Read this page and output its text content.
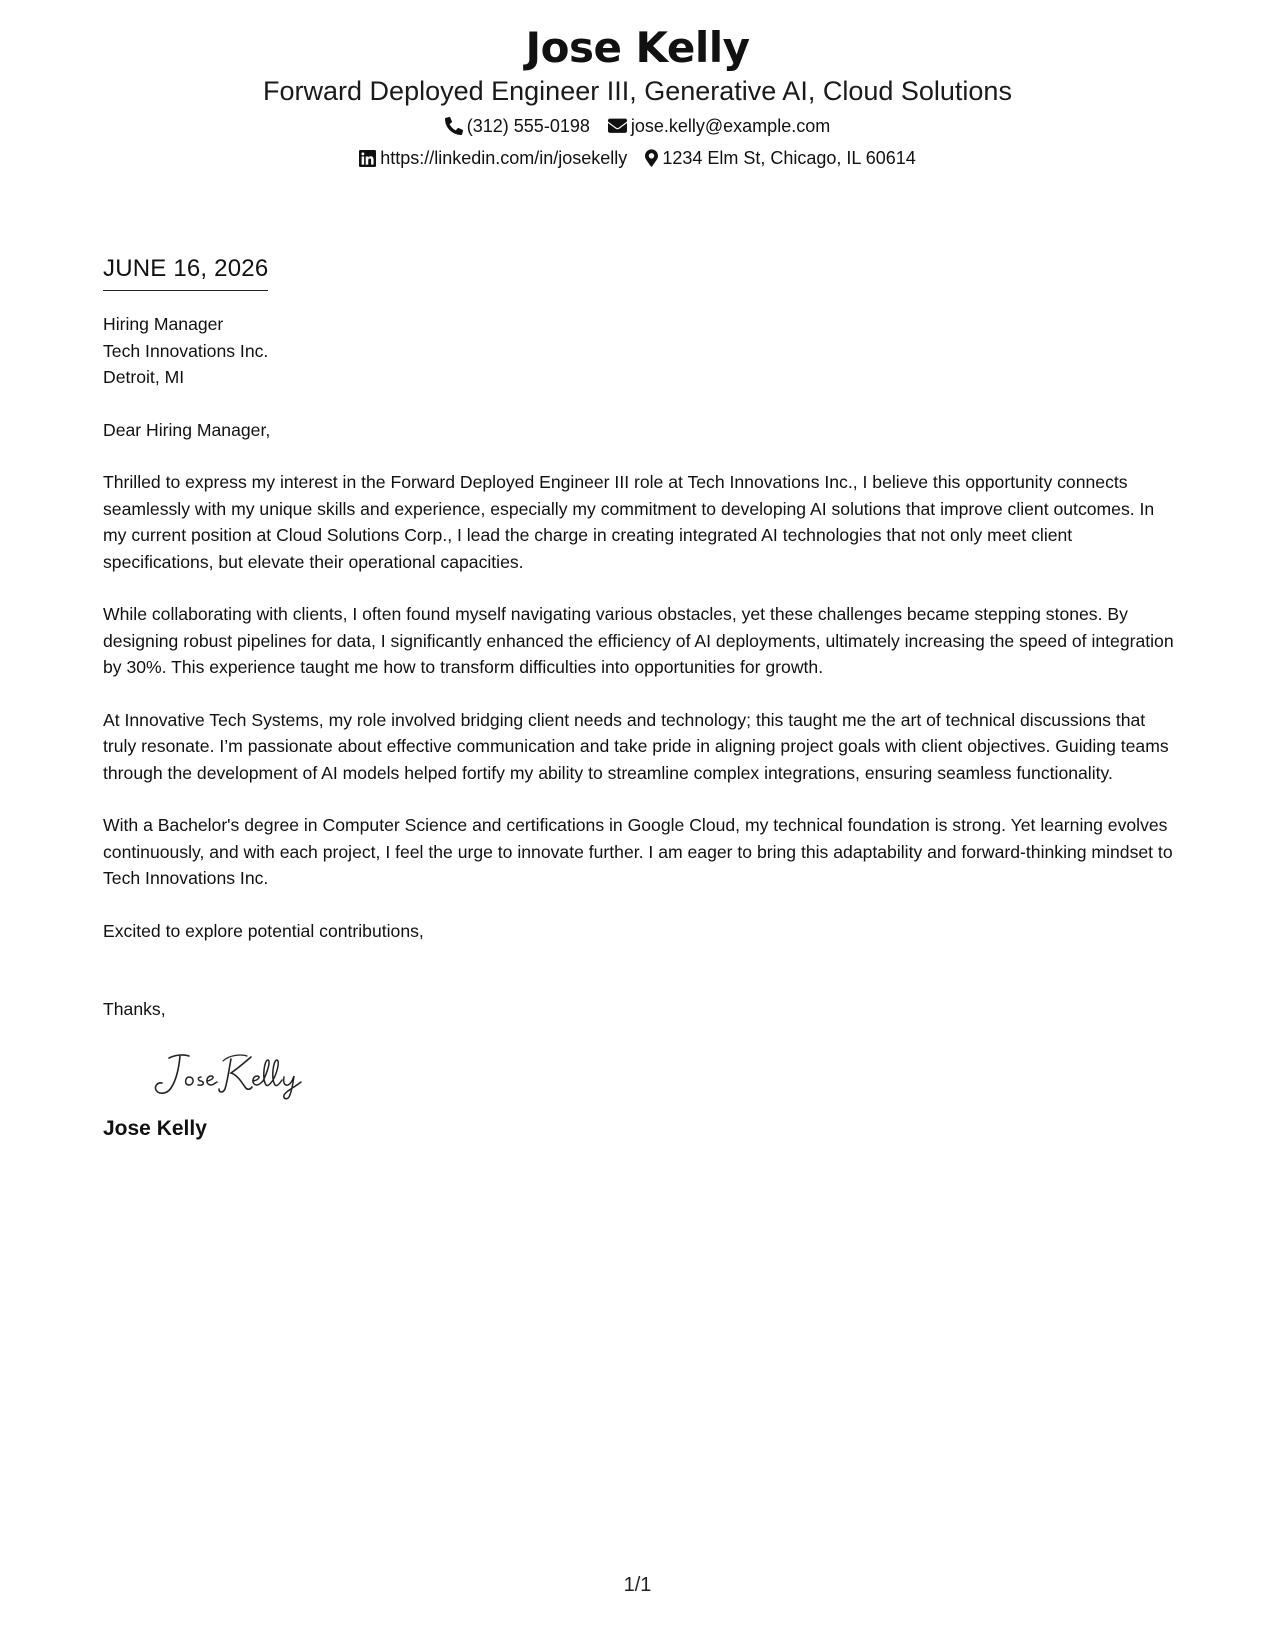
Jose Kelly
Forward Deployed Engineer III, Generative AI, Cloud Solutions
(312) 555-0198 jose.kelly@example.com
https://linkedin.com/in/josekelly 1234 Elm St, Chicago, IL 60614
JUNE 16, 2026
Hiring Manager
Tech Innovations Inc.
Detroit, MI
Dear Hiring Manager,

Thrilled to express my interest in the Forward Deployed Engineer III role at Tech Innovations Inc., I believe this opportunity connects seamlessly with my unique skills and experience, especially my commitment to developing AI solutions that improve client outcomes. In my current position at Cloud Solutions Corp., I lead the charge in creating integrated AI technologies that not only meet client specifications, but elevate their operational capacities.

While collaborating with clients, I often found myself navigating various obstacles, yet these challenges became stepping stones. By designing robust pipelines for data, I significantly enhanced the efficiency of AI deployments, ultimately increasing the speed of integration by 30%. This experience taught me how to transform difficulties into opportunities for growth.

At Innovative Tech Systems, my role involved bridging client needs and technology; this taught me the art of technical discussions that truly resonate. I’m passionate about effective communication and take pride in aligning project goals with client objectives. Guiding teams through the development of AI models helped fortify my ability to streamline complex integrations, ensuring seamless functionality.

With a Bachelor's degree in Computer Science and certifications in Google Cloud, my technical foundation is strong. Yet learning evolves continuously, and with each project, I feel the urge to innovate further. I am eager to bring this adaptability and forward-thinking mindset to Tech Innovations Inc.

Excited to explore potential contributions,
Thanks,
Jose Kelly
1/1
